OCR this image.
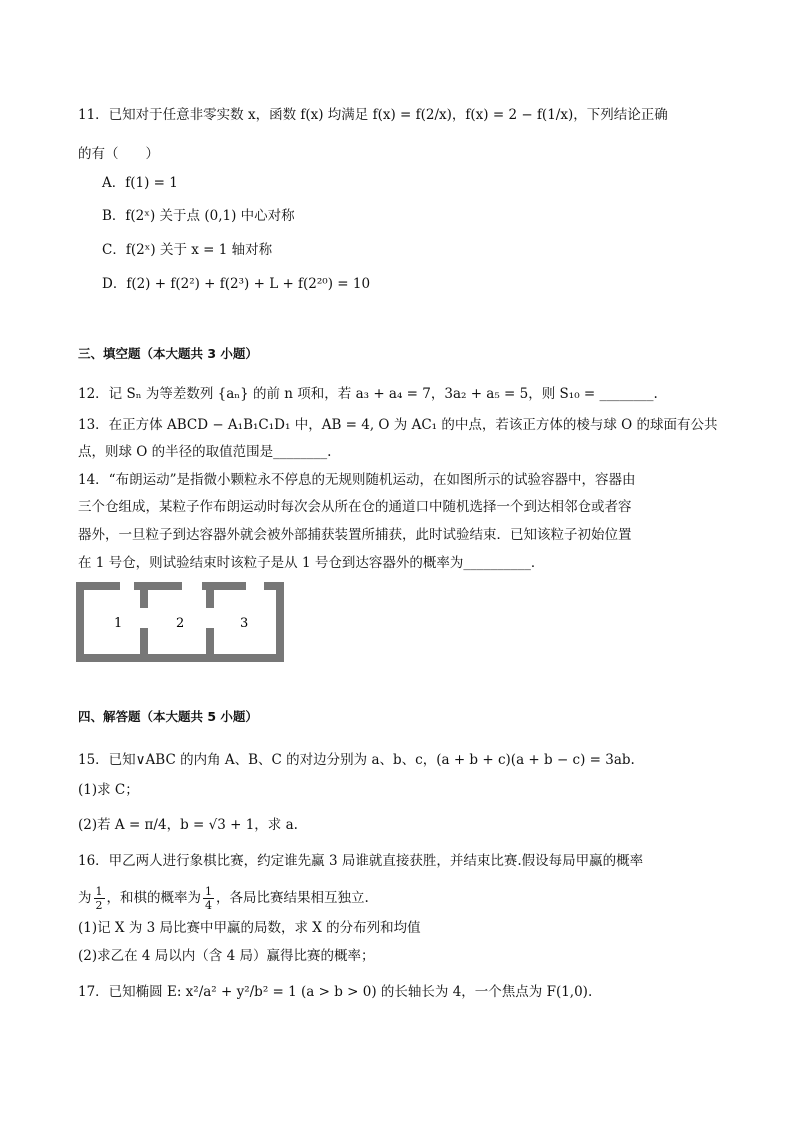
11．已知对于任意非零实数 x，函数 f(x) 均满足 f(x) = f(2/x)，f(x) = 2 − f(1/x)，下列结论正确
的有（　　）
A．f(1) = 1
B．f(2ˣ) 关于点 (0,1) 中心对称
C．f(2ˣ) 关于 x = 1 轴对称
D．f(2) + f(2²) + f(2³) + L + f(2²⁰) = 10
三、填空题（本大题共 3 小题）
12．记 Sₙ 为等差数列 {aₙ} 的前 n 项和，若 a₃ + a₄ = 7，3a₂ + a₅ = 5，则 S₁₀ = ________.
13．在正方体 ABCD − A₁B₁C₁D₁ 中，AB = 4, O 为 AC₁ 的中点，若该正方体的棱与球 O 的球面有公共
点，则球 O 的半径的取值范围是________.
14．“布朗运动”是指微小颗粒永不停息的无规则随机运动，在如图所示的试验容器中，容器由
三个仓组成，某粒子作布朗运动时每次会从所在仓的通道口中随机选择一个到达相邻仓或者容
器外，一旦粒子到达容器外就会被外部捕获装置所捕获，此时试验结束．已知该粒子初始位置
在 1 号仓，则试验结束时该粒子是从 1 号仓到达容器外的概率为__________．
1	2	3
四、解答题（本大题共 5 小题）
15．已知∨ABC 的内角 A、B、C 的对边分别为 a、b、c，(a + b + c)(a + b − c) = 3ab.
(1)求 C；
(2)若 A = π/4，b = √3 + 1，求 a.
16．甲乙两人进行象棋比赛，约定谁先赢 3 局谁就直接获胜，并结束比赛.假设每局甲赢的概率
为 $\frac{1}{2}$ ，和棋的概率为 $\frac{1}{4}$ ，各局比赛结果相互独立.
(1)记 X 为 3 局比赛中甲赢的局数，求 X 的分布列和均值
(2)求乙在 4 局以内（含 4 局）赢得比赛的概率；
17．已知椭圆 E: x²/a² + y²/b² = 1 (a > b > 0) 的长轴长为 4，一个焦点为 F(1,0).
